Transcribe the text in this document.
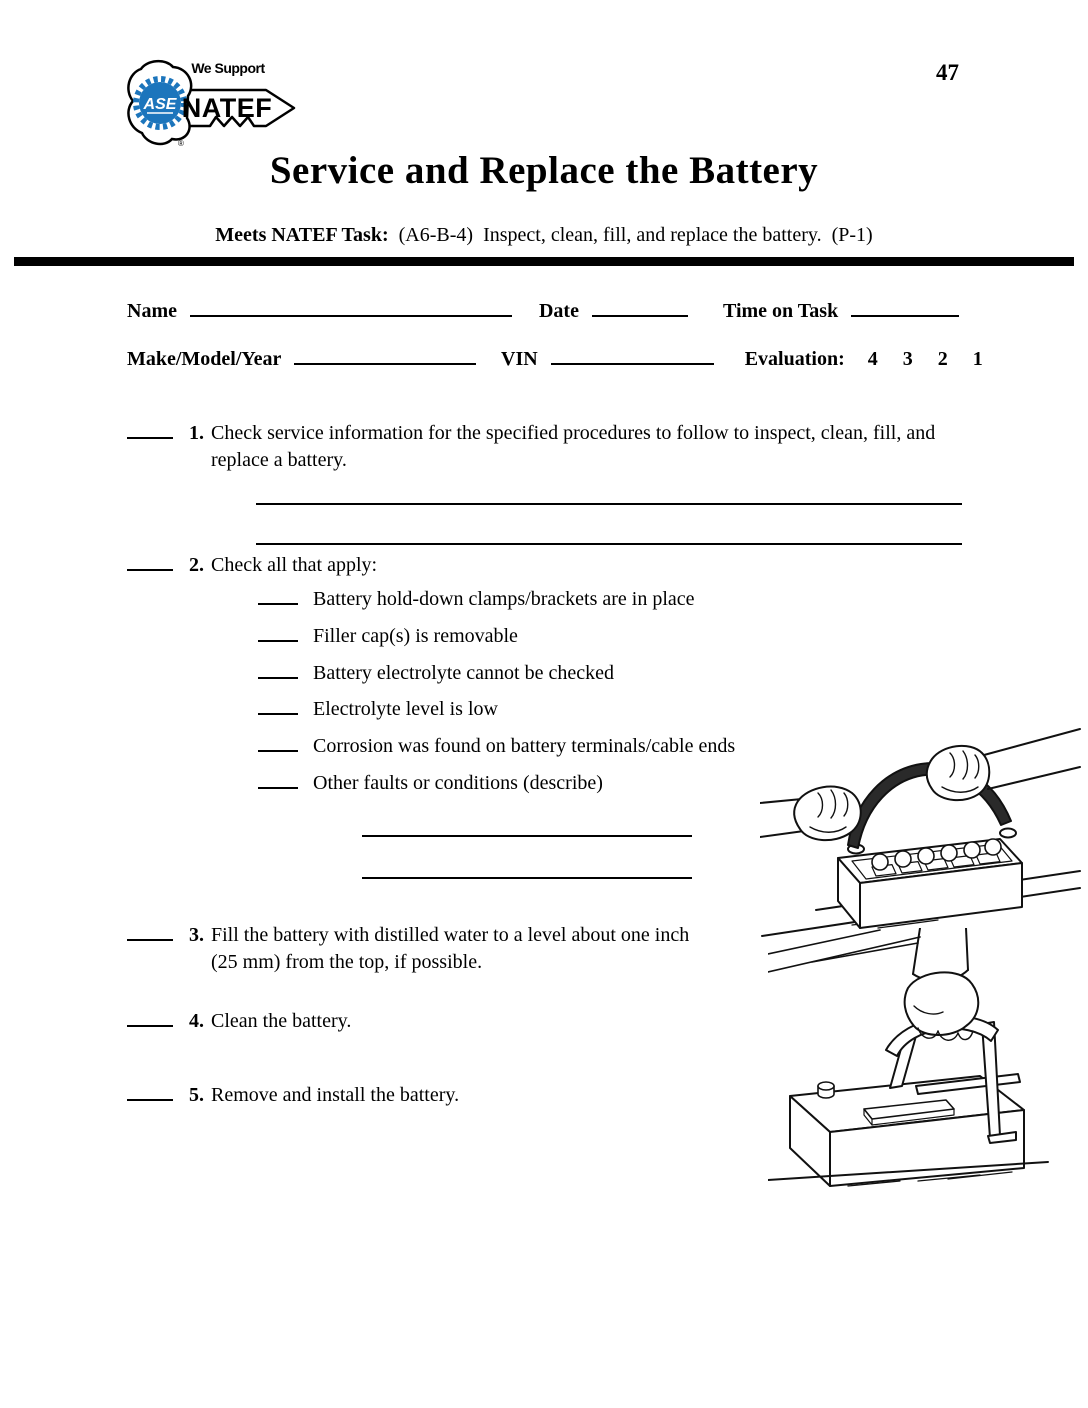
47
ASE
We Support
NATEF
®
Service and Replace the Battery
Meets NATEF Task: (A6-B-4) Inspect, clean, fill, and replace the battery. (P-1)
Name	Date	Time on Task
Make/Model/Year	VIN	Evaluation: 4 3 2 1
1. Check service information for the specified procedures to follow to inspect, clean, fill, and replace a battery.
2. Check all that apply:
Battery hold-down clamps/brackets are in place
Filler cap(s) is removable
Battery electrolyte cannot be checked
Electrolyte level is low
Corrosion was found on battery terminals/cable ends
Other faults or conditions (describe)
3. Fill the battery with distilled water to a level about one inch (25 mm) from the top, if possible.
4. Clean the battery.
5. Remove and install the battery.
